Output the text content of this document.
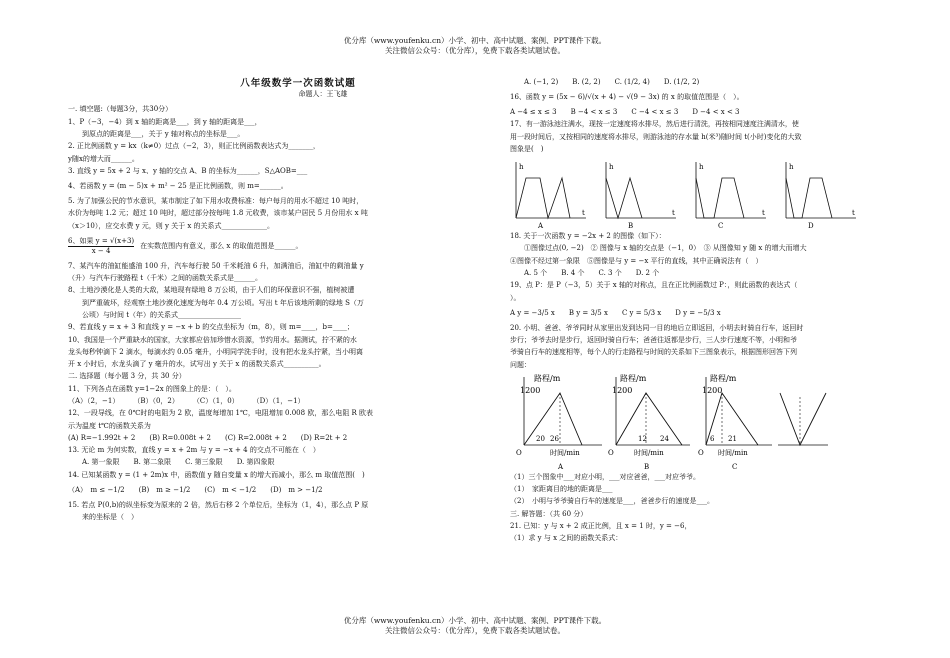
优分库（www.youfenku.cn）小学、初中、高中试题、案例、PPT课件下载。
关注微信公众号：（优分库），免费下载各类试题试卷。
八年级数学一次函数试题
命题人：王飞雄

一. 填空题:（每题3分，共30分）

1、P（−3，−4）到 x 轴的距离是___，到 y 轴的距离是___，

到原点的距离是___，关于 y 轴对称点的坐标是___。

2. 正比例函数 y = kx（k≠0）过点（−2，3），则正比例函数表达式为_______，

y随x的增大而______。

3. 直线 y = 5x + 2 与 x、y 轴的交点 A、B 的坐标为______，S△AOB=___

4、若函数 y = (m − 5)x + m² − 25 是正比例函数，则 m=______。

5. 为了加强公民的节水意识，某市制定了如下用水收费标准：每户每月的用水不超过 10 吨时，

水价为每吨 1.2 元；超过 10 吨时，超过部分按每吨 1.8 元收费，该市某户居民 5 月份用水 x 吨

（x＞10），应交水费 y 元，则 y 关于 x 的关系式_____________。

6、如果 y = √(x+3)
x − 4
在实数范围内有意义，那么 x 的取值范围是______。

7、某汽车的油缸能盛油 100 升，汽车每行驶 50 千米耗油 6 升，加满油后，油缸中的剩油量 y

（升）与汽车行驶路程 t（千米）之间的函数关系式是______。

8、土地沙漠化是人类的大敌，某地现有绿地 8 万公顷，由于人们的环保意识不强，植树被遭

到严重破坏，经观察土地沙漠化速度为每年 0.4 万公顷。写出 t 年后该地所剩的绿地 S（万

公顷）与时间 t（年）的关系式__________________

9、若直线 y = x + 3 和直线 y = −x + b 的交点坐标为（m，8），则 m=____，b=____；

10、我国是一个严重缺水的国家，大家都应倍加珍惜水资源，节约用水。据测试，拧不紧的水

龙头每秒钟滴下 2 滴水，每滴水约 0.05 毫升，小明同学洗手时，没有把水龙头拧紧，当小明离

开 x 小时后，水龙头滴了 y 毫升的水，试写出 y 关于 x 的函数关系式__________。

二. 选择题（每小题 3 分，共 30 分）

11、下列各点在函数 y=1−2x 的图象上的是：（　）。

（A）（2，−1） （B）（0，2） （C）（1，0） （D）（1，−1）

12、一段导线，在 0℃时的电阻为 2 欧，温度每增加 1℃，电阻增加 0.008 欧，那么电阻 R 欧表

示为温度 t℃的函数关系为

(A) R=−1.992t + 2 (B) R=0.008t + 2 (C) R=2.008t + 2 (D) R=2t + 2

13. 无论 m 为何实数，直线 y = x + 2m 与 y = −x + 4 的交点不可能在（　）

A. 第一象限 B. 第二象限 C. 第三象限 D. 第四象限

14. 已知某函数 y = (1 + 2m)x 中，函数值 y 随自变量 x 的增大而减小，那么 m 取值范围(　)

（A）　m ≤ −1/2 (B)　m ≥ −1/2 (C)　m < −1/2 (D)　m > −1/2

15. 若点 P(0,b)的纵坐标变为原来的 2 倍，然后右移 2 个单位后，坐标为（1，4），那么点 P 原

来的坐标是（　）

A. (−1, 2) B. (2, 2) C. (1/2, 4) D. (1/2, 2)

16、函数 y = (5x − 6)/√(x + 4) − √(9 − 3x) 的 x 的取值范围是（　）。

A −4 ≤ x ≤ 3 B −4 < x ≤ 3 C −4 < x ≤ 3 D −4 < x < 3

17、有一游泳池注满水，现按一定速度将水排尽，然后进行清洗，再按相同速度注满清水，使

用一段时间后，又按相同的速度将水排尽，则游泳池的存水量 h(米³)随时间 t(小时)变化的大致

图象是(　)

h
t
A
h
t
B
h
t
C
h
t
D

18. 关于一次函数 y = −2x + 2 的图像（如下）：

①图像过点(0, −2)　② 图像与 x 轴的交点是（−1，0）　③ 从图像知 y 随 x 的增大而增大

④图像不经过第一象限　⑤图像是与 y = −x 平行的直线，其中正确说法有（　）

A. 5 个 B. 4 个 C. 3 个 D. 2 个

19、点 P：是 P（−3，5）关于 x 轴的对称点，且在正比例函数过 P：，则此函数的表达式（

）。

A y = −3/5 x B y = 3/5 x C y = 5/3 x D y = −5/3 x

20. 小明、爸爸、爷爷同时从家里出发到达同一目的地后立即返回，小明去时骑自行车，返回时

步行；爷爷去时是步行，返回时骑自行车；爸爸往返都是步行，三人步行速度不等，小明和爷

爷骑自行车的速度相等，每个人的行走路程与时间的关系如下三图象表示，根据图形回答下列

问题：

路程/m
1200
20 26
O	时间/min
A
路程/m
1200
12 24
O	时间/min
B
路程/m
1200
6 21
O 时间/min
C

（1）三个图象中___对应小明，___对应爸爸，___对应爷爷。

（1）　家距离目的地的距离是___

（2）　小明与爷爷骑自行车的速度是___，爸爸步行的速度是___。

三. 解答题：（共 60 分）

21. 已知：y 与 x + 2 成正比例，且 x = 1 时，y = −6，

（1）求 y 与 x 之间的函数关系式：

优分库（www.youfenku.cn）小学、初中、高中试题、案例、PPT课件下载。
关注微信公众号：（优分库），免费下载各类试题试卷。
